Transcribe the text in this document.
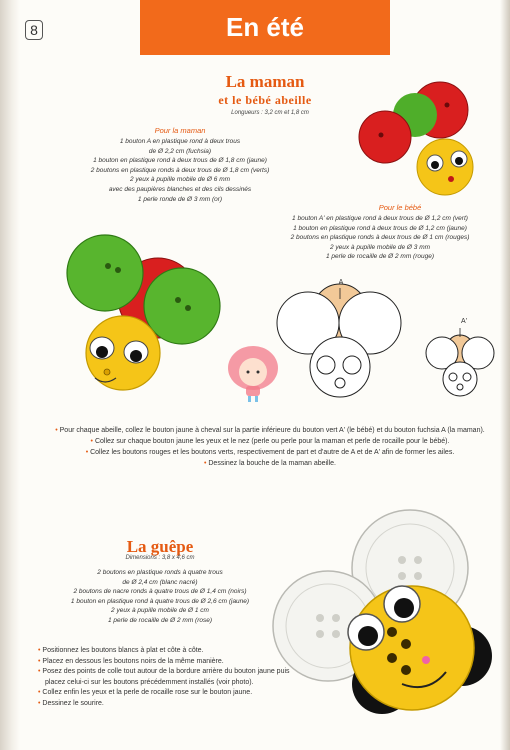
8	En été
La maman
et le bébé abeille
Longueurs : 3,2 cm et 1,8 cm
Pour la maman
1 bouton A en plastique rond à deux trous
de Ø 2,2 cm (fuchsia)
1 bouton en plastique rond à deux trous de Ø 1,8 cm (jaune)
2 boutons en plastique ronds à deux trous de Ø 1,8 cm (verts)
2 yeux à pupille mobile de Ø 6 mm
avec des paupières blanches et des cils dessinés
1 perle ronde de Ø 3 mm (or)
Pour le bébé
1 bouton A' en plastique rond à deux trous de Ø 1,2 cm (vert)
1 bouton en plastique rond à deux trous de Ø 1,2 cm (jaune)
2 boutons en plastique ronds à deux trous de Ø 1 cm (rouges)
2 yeux à pupille mobile de Ø 3 mm
1 perle de rocaille de Ø 2 mm (rouge)
A
A'
• Pour chaque abeille, collez le bouton jaune à cheval sur la partie inférieure du bouton vert A' (le bébé) et du bouton fuchsia A (la maman).
• Collez sur chaque bouton jaune les yeux et le nez (perle ou perle pour la maman et perle de rocaille pour le bébé).
• Collez les boutons rouges et les boutons verts, respectivement de part et d'autre de A et de A' afin de former les ailes.
• Dessinez la bouche de la maman abeille.
La guêpe
Dimensions : 3,8 x 4,6 cm
2 boutons en plastique ronds à quatre trous
de Ø 2,4 cm (blanc nacré)
2 boutons de nacre ronds à quatre trous de Ø 1,4 cm (noirs)
1 bouton en plastique rond à quatre trous de Ø 2,6 cm (jaune)
2 yeux à pupille mobile de Ø 1 cm
1 perle de rocaille de Ø 2 mm (rose)
• Positionnez les boutons blancs à plat et côte à côte.
• Placez en dessous les boutons noirs de la même manière.
• Posez des points de colle tout autour de la bordure arrière du bouton jaune puis placez celui-ci sur les boutons précédemment installés (voir photo).
• Collez enfin les yeux et la perle de rocaille rose sur le bouton jaune.
• Dessinez le sourire.
